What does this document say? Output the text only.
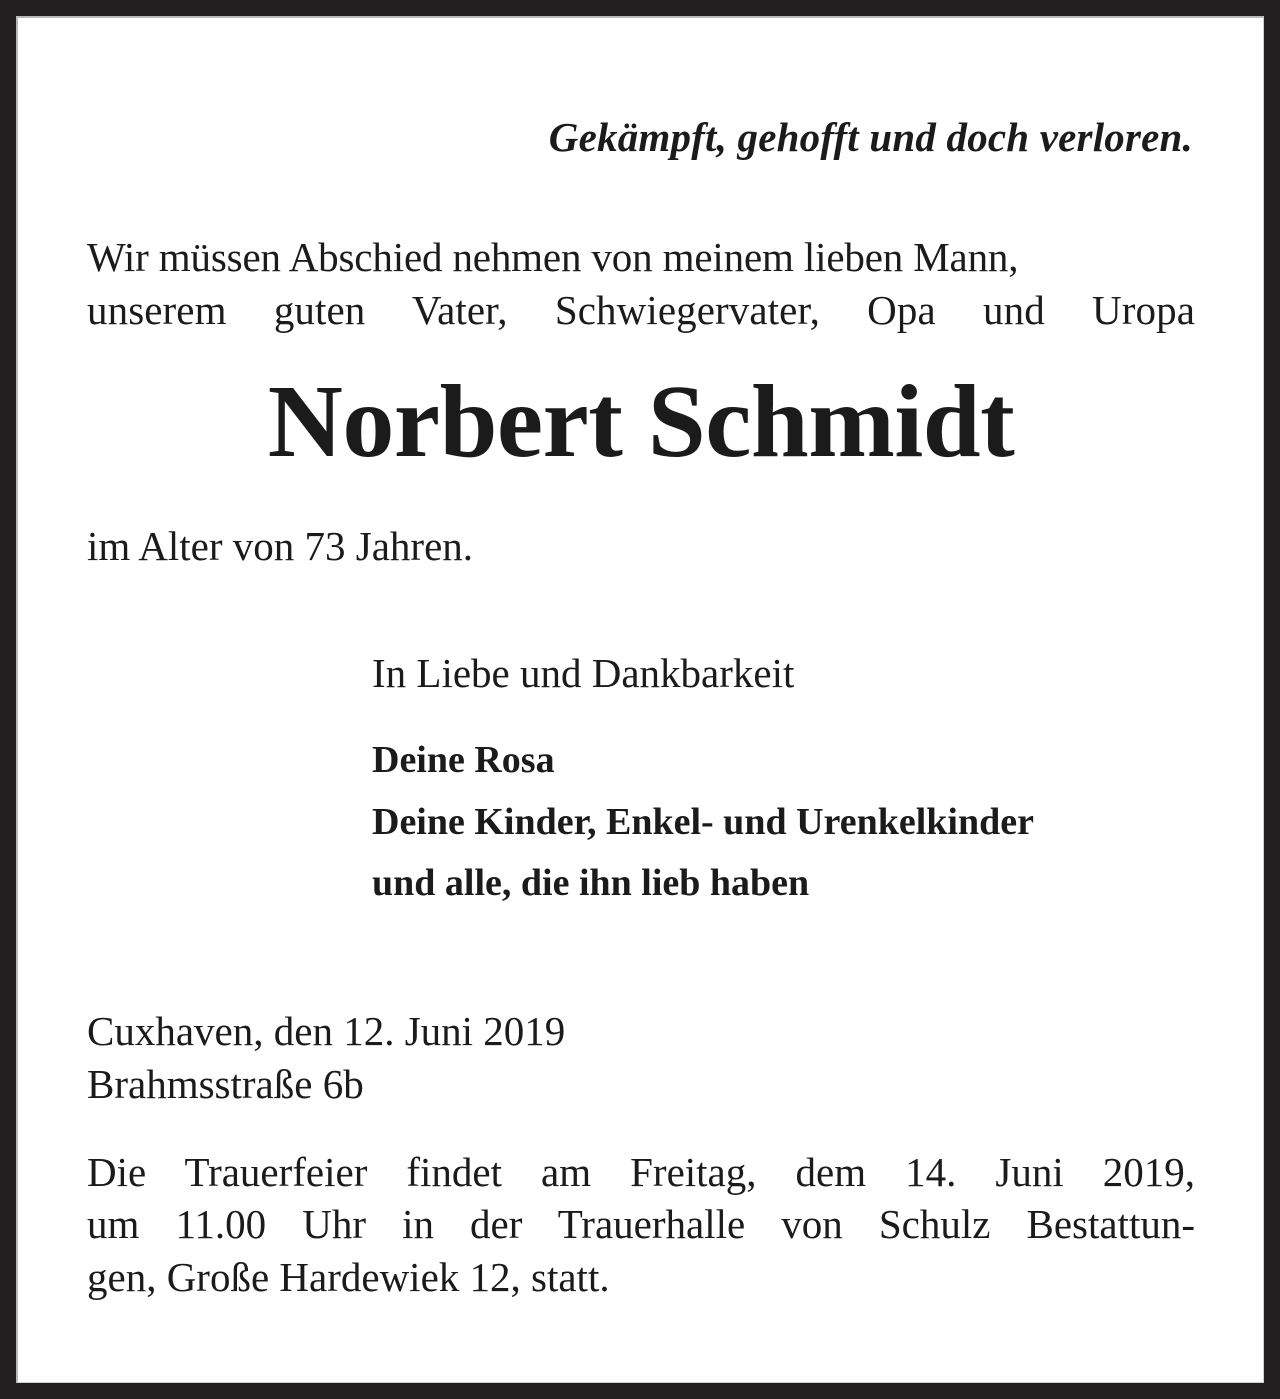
Gekämpft, gehofft und doch verloren.
Wir müssen Abschied nehmen von meinem lieben Mann,
unserem guten Vater, Schwiegervater, Opa und Uropa
Norbert Schmidt
im Alter von 73 Jahren.
In Liebe und Dankbarkeit
Deine Rosa
Deine Kinder, Enkel- und Urenkelkinder
und alle, die ihn lieb haben
Cuxhaven, den 12. Juni 2019
Brahmsstraße 6b
Die Trauerfeier findet am Freitag, dem 14. Juni 2019,
um 11.00 Uhr in der Trauerhalle von Schulz Bestattun-
gen, Große Hardewiek 12, statt.
